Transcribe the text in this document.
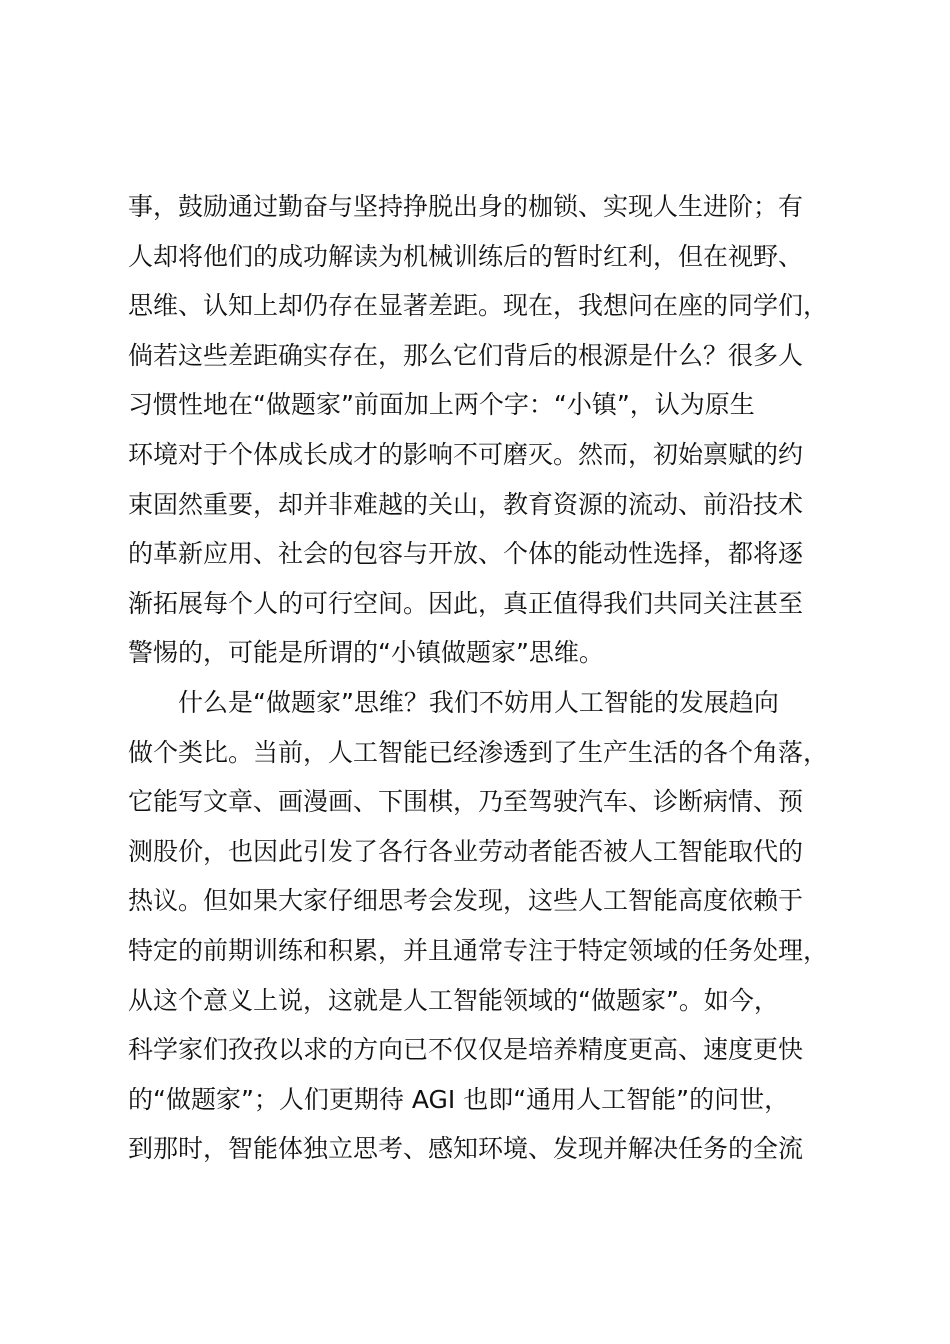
事，鼓励通过勤奋与坚持挣脱出身的枷锁、实现人生进阶；有
人却将他们的成功解读为机械训练后的暂时红利，但在视野、
思维、认知上却仍存在显著差距。现在，我想问在座的同学们，
倘若这些差距确实存在，那么它们背后的根源是什么？很多人
习惯性地在“做题家”前面加上两个字：“小镇”，认为原生
环境对于个体成长成才的影响不可磨灭。然而，初始禀赋的约
束固然重要，却并非难越的关山，教育资源的流动、前沿技术
的革新应用、社会的包容与开放、个体的能动性选择，都将逐
渐拓展每个人的可行空间。因此，真正值得我们共同关注甚至
警惕的，可能是所谓的“小镇做题家”思维。
　　什么是“做题家”思维？我们不妨用人工智能的发展趋向
做个类比。当前，人工智能已经渗透到了生产生活的各个角落，
它能写文章、画漫画、下围棋，乃至驾驶汽车、诊断病情、预
测股价，也因此引发了各行各业劳动者能否被人工智能取代的
热议。但如果大家仔细思考会发现，这些人工智能高度依赖于
特定的前期训练和积累，并且通常专注于特定领域的任务处理，
从这个意义上说，这就是人工智能领域的“做题家”。如今，
科学家们孜孜以求的方向已不仅仅是培养精度更高、速度更快
的“做题家”；人们更期待 AGI 也即“通用人工智能”的问世，
到那时，智能体独立思考、感知环境、发现并解决任务的全流
